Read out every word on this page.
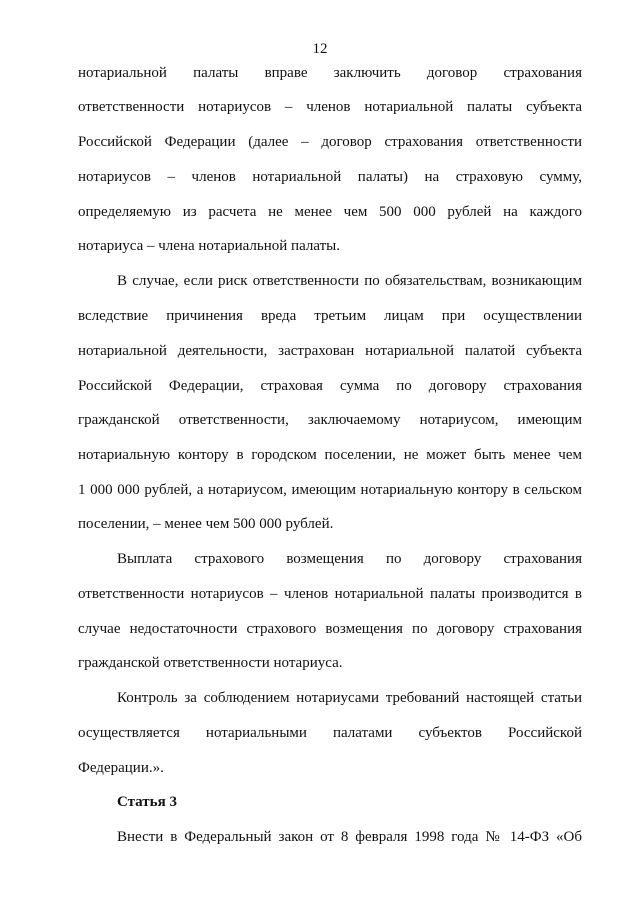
12
нотариальной палаты вправе заключить договор страхования
ответственности нотариусов – членов нотариальной палаты субъекта
Российской Федерации (далее – договор страхования ответственности
нотариусов – членов нотариальной палаты) на страховую сумму,
определяемую из расчета не менее чем 500 000 рублей на каждого
нотариуса – члена нотариальной палаты.
В случае, если риск ответственности по обязательствам, возникающим
вследствие причинения вреда третьим лицам при осуществлении
нотариальной деятельности, застрахован нотариальной палатой субъекта
Российской Федерации, страховая сумма по договору страхования
гражданской ответственности, заключаемому нотариусом, имеющим
нотариальную контору в городском поселении, не может быть менее чем
1 000 000 рублей, а нотариусом, имеющим нотариальную контору в сельском
поселении, – менее чем 500 000 рублей.
Выплата страхового возмещения по договору страхования
ответственности нотариусов – членов нотариальной палаты производится в
случае недостаточности страхового возмещения по договору страхования
гражданской ответственности нотариуса.
Контроль за соблюдением нотариусами требований настоящей статьи
осуществляется нотариальными палатами субъектов Российской
Федерации.».
Статья 3
Внести в Федеральный закон от 8 февраля 1998 года № 14-ФЗ «Об
